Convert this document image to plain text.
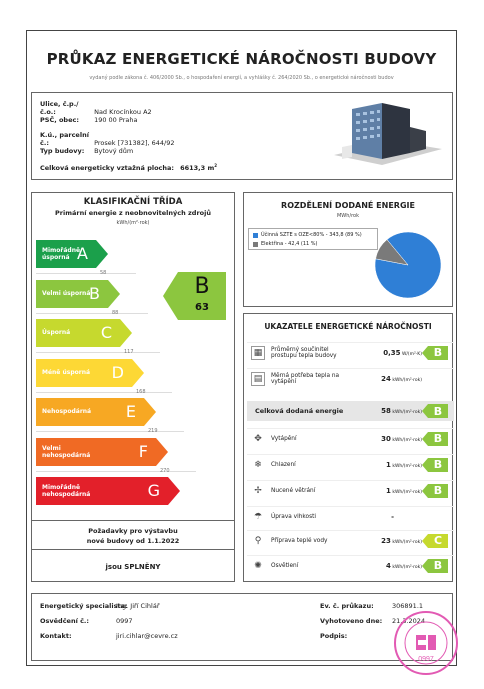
PRŮKAZ ENERGETICKÉ NÁROČNOSTI BUDOVY
vydaný podle zákona č. 406/2000 Sb., o hospodaření energií, a vyhlášky č. 264/2020 Sb., o energetické náročnosti budov
Ulice, č.p./č.o.:	Nad Krocínkou A2
PSČ, obec: 190 00 Praha
K.ú., parcelní č.:	Prosek [731382], 644/92
Typ budovy: Bytový dům
Celková energeticky vztažná plocha: 6613,3 $m^2$
KLASIFIKAČNÍ TŘÍDA
Primární energie z neobnovitelných zdrojů
kWh/(m²·rok)
Mimořádně úsporná A
58
Velmi úsporná
B
88
Úsporná C
117
Méně úsporná D
168
Nehospodárná E
219
Velmi nehospodárná	F
270
Mimořádně nehospodárná	G
B
63
Požadavky pro výstavbu
nové budovy od 1.1.2022
jsou SPLNĚNY
ROZDĚLENÍ DODANÉ ENERGIE
MWh/rok
Účinná SZTE s OZE<80% - 343,8 (89 %)
Elektřina - 42,4 (11 %)
UKAZATELE ENERGETICKÉ NÁROČNOSTI
▦	Průměrný součinitel prostupu tepla budovy	0,35 W/(m²·K)	B
▤	Měrná potřeba tepla na vytápění	24 kWh/(m²·rok)
Celková dodaná energie	58 kWh/(m²·rok)	B
✥	Vytápění	30 kWh/(m²·rok)	B
❄	Chlazení	1 kWh/(m²·rok)	B
✢	Nucené větrání	1 kWh/(m²·rok)	B
☂	Úprava vlhkosti	-
⚲	Příprava teplé vody	23 kWh/(m²·rok)	C
✺	Osvětlení	4 kWh/(m²·rok)	B
Energetický specialista:
Ing. Jiří Cihlář
Osvědčení č.:	0997
Kontakt:	jiri.cihlar@cevre.cz
Ev. č. průkazu:	306891.1
Vyhotoveno dne: 21.3.2024
Podpis:
0997
